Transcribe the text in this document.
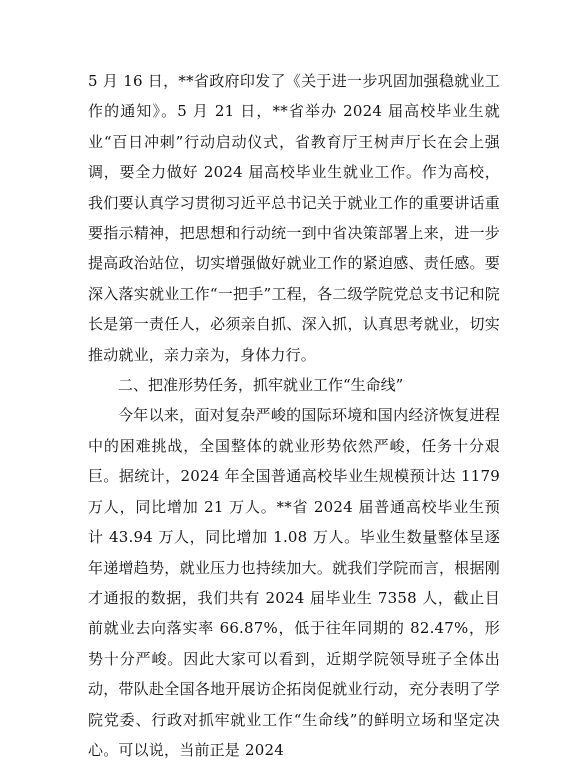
5 月 16 日，**省政府印发了《关于进一步巩固加强稳就业工作的通知》。5 月 21 日，**省举办 2024 届高校毕业生就业“百日冲刺”行动启动仪式，省教育厅王树声厅长在会上强调，要全力做好 2024 届高校毕业生就业工作。作为高校，我们要认真学习贯彻习近平总书记关于就业工作的重要讲话重要指示精神，把思想和行动统一到中省决策部署上来，进一步提高政治站位，切实增强做好就业工作的紧迫感、责任感。要深入落实就业工作“一把手”工程，各二级学院党总支书记和院长是第一责任人，必须亲自抓、深入抓，认真思考就业，切实推动就业，亲力亲为，身体力行。

二、把准形势任务，抓牢就业工作“生命线”

今年以来，面对复杂严峻的国际环境和国内经济恢复进程中的困难挑战，全国整体的就业形势依然严峻，任务十分艰巨。据统计，2024 年全国普通高校毕业生规模预计达 1179 万人，同比增加 21 万人。**省 2024 届普通高校毕业生预计 43.94 万人，同比增加 1.08 万人。毕业生数量整体呈逐年递增趋势，就业压力也持续加大。就我们学院而言，根据刚才通报的数据，我们共有 2024 届毕业生 7358 人，截止目前就业去向落实率 66.87%，低于往年同期的 82.47%，形势十分严峻。因此大家可以看到，近期学院领导班子全体出动，带队赴全国各地开展访企拓岗促就业行动，充分表明了学院党委、行政对抓牢就业工作“生命线”的鲜明立场和坚定决心。可以说，当前正是 2024
